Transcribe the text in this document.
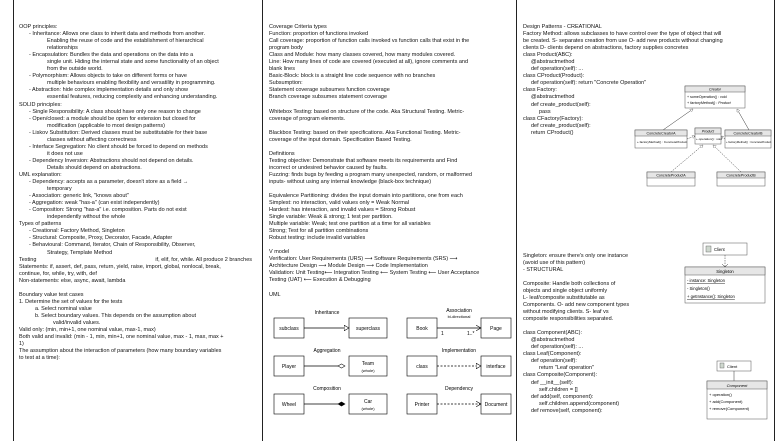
OOP principles:

- Inheritance: Allows one class to inherit data and methods from another.

Enabling the reuse of code and the establishment of hierarchical

relationships

- Encapsulation: Bundles the data and operations on the data into a

single unit. Hiding the internal state and some functionality of an object

from the outside world.

- Polymorphism: Allows objects to take on different forms or have

multiple behaviours enabling flexibility and versatility in programming.

- Abstraction: hide complex implementation details and only show

essential features, reducing complexity and enhancing understanding.

SOLID principles:

- Single Responsibility: A class should have only one reason to change

- Open/closed: a module should be open for extension but closed for

modification (applicable to most design patterns)

- Liskov Substitution: Derived classes must be substitutable for their base

classes without affecting correctness

- Interface Segregation: No client should be forced to depend on methods

it does not use

- Dependency Inversion: Abstractions should not depend on details.

Details should depend on abstractions.

UML explanation:

- Dependency: accepts as a parameter, doesn't store as a field →

temporary

- Association: generic link, "knows about"

- Aggregation: weak "has-a" (can exist independently)

- Composition: Strong "has-a" i.e. composition. Parts do not exist

independently without the whole

Types of patterns

- Creational: Factory Method, Singleton

- Structural: Composite, Proxy, Decorator, Facade, Adapter

- Behavioural: Command, Iterator, Chain of Responsibility, Observer,

Strategy, Template Method

Testing	if, elif, for, while. All produce 2 branches

Statements: if, assert, def, pass, return, yield, raise, import, global, nonlocal, break,

continue, for, while, try, with, def

Non-statements: else, async, await, lambda

Boundary value test cases

1. Determine the set of values for the tests

a. Select nominal value

b. Select boundary values. This depends on the assumption about

valid/invalid values.

Valid only: (min, min+1, one nominal value, max-1, max)

Both valid and invalid: (min - 1, min, min+1, one nominal value, max - 1, max, max +

1)

The assumption about the interaction of parameters (how many boundary variables

to test at a time):

Coverage Criteria types

Function: proportion of functions invoked

Call coverage: proportion of function calls invoked vs function calls that exist in the

program body

Class and Module: how many classes covered, how many modules covered.

Line: How many lines of code are covered (executed at all), ignore comments and

blank lines

Basic-Block: block is a straight line code sequence with no branches

Subsumption:

Statement coverage subsumes function coverage

Branch coverage subsumes statement coverage

Whitebox Testing: based on structure of the code. Aka Structural Testing. Metric-

coverage of program elements.

Blackbox Testing: based on their specifications. Aka Functional Testing. Metric-

coverage of the input domain. Specification Based Testing.

Definitions

Testing objective: Demonstrate that software meets its requirements and Find

incorrect or undesired behavior caused by faults.

Fuzzing: finds bugs by feeding a program many unexpected, random, or malformed

inputs- without using any internal knowledge (black-box technique)

Equivalence Partitioning: divides the input domain into partitions, one from each

Simplest: no interaction, valid values only = Weak Normal

Hardest: has interaction, and invalid values = Strong Robust

Single variable: Weak & strong; 1 test per partition.

Multiple variable: Weak; test one partition at a time for all variables

Strong; Test for all partition combinations

Robust testing: include invalid variables

V model

Verification: User Requirements (URS) ⟶ Software Requirements (SRS) ⟶

Architecture Design ⟶ Module Design ⟶ Code Implementation

Validation: Unit Testing⟵ Integration Testing ⟵ System Testing ⟵ User Acceptance

Testing (UAT) ⟵ Execution & Debugging

UML

subclass	superclass
Inheritance
Book	Page
Association
bi-directional
1	1..*
Player	Team
(whole)
Aggregation
class	interface
Implementation
Wheel	Car
(whole)
Composition
Printer	Document
Dependency

Design Patterns - CREATIONAL

Factory Method: allows subclasses to have control over the type of object that will

be created. S- separates creation from use O- add new products without changing

clients D- clients depend on abstractions, factory supplies concretes

class Product(ABC):

@abstractmethod

def operation(self): ...

class CProduct(Product):

def operation(self): return "Concrete Operation"

class Factory:

@abstractmethod

def create_product(self):

pass

class CFactory(Factory):

def create_product(self):

return CProduct()

Creator
+ someOperation() : void
+ factoryMethod() : Product
ConcreteCreatorA
+ factoryMethod() : ConcreteProduct
Product
+ operation() : void
ConcreteCreatorB
+ factoryMethod() : ConcreteProduct
ConcreteProductA	ConcreteProductB

Singleton: ensure there's only one instance

(avoid use of this pattern)

- STRUCTURAL

Client
Singleton
- instance: Singleton
- Singleton()
+ getInstance(): Singleton

Composite: Handle both collections of

objects and single object uniformly

L- leaf/composite substitutable as

Components. O- add new component types

without modifying clients. S- leaf vs

composite responsibilities separated.

class Component(ABC):

@abstractmethod

def operation(self): ...

class Leaf(Component):

def operation(self):

return "Leaf operation"

class Composite(Component):

def __init__(self):

self.children = []

def add(self, component):

self.children.append(component)

def remove(self, component):

Client
Component
+ operation()
+ add(Component)
+ remove(Component)
